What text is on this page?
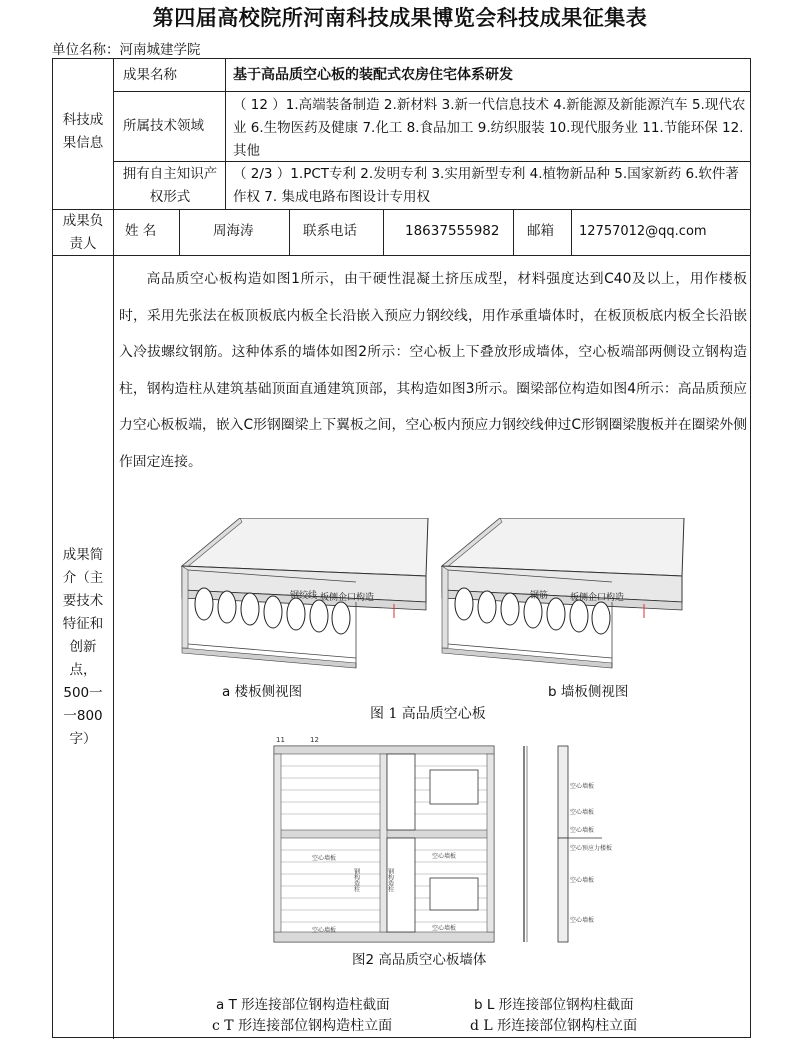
第四届高校院所河南科技成果博览会科技成果征集表
单位名称：河南城建学院
科技成果信息
成果名称	基于高品质空心板的装配式农房住宅体系研发
所属技术领域
（ 12 ）1.高端装备制造 2.新材料 3.新一代信息技术 4.新能源及新能源汽车 5.现代农业 6.生物医药及健康 7.化工 8.食品加工 9.纺织服装 10.现代服务业 11.节能环保 12.其他
拥有自主知识产权形式
（ 2/3 ）1.PCT专利 2.发明专利 3.实用新型专利 4.植物新品种 5.国家新药 6.软件著作权 7. 集成电路布图设计专用权
成果负责人
姓 名	周海涛	联系电话	18637555982 邮箱 12757012@qq.com
成果简介（主要技术特征和创新点，500一一800字）
高品质空心板构造如图1所示，由干硬性混凝土挤压成型，材料强度达到C40及以上，用作楼板时，采用先张法在板顶板底内板全长沿嵌入预应力钢绞线，用作承重墙体时，在板顶板底内板全长沿嵌入冷拔螺纹钢筋。这种体系的墙体如图2所示：空心板上下叠放形成墙体，空心板端部两侧设立钢构造柱，钢构造柱从建筑基础顶面直通建筑顶部，其构造如图3所示。圈梁部位构造如图4所示：高品质预应力空心板板端，嵌入C形钢圈梁上下翼板之间，空心板内预应力钢绞线伸过C形钢圈梁腹板并在圈梁外侧作固定连接。
钢绞线 板侧企口构造	钢筋 板侧企口构造
a 楼板侧视图	b 墙板侧视图
图 1 高品质空心板
11	12
空心墙板	空心墙板
空心墙板	空心墙板
钢构造柱	钢构造柱
空心墙板
空心墙板
空心墙板
空心预应力楼板
空心墙板
空心墙板
图2 高品质空心板墙体
a T 形连接部位钢构造柱截面	b L 形连接部位钢构柱截面
c T 形连接部位钢构造柱立面	d L 形连接部位钢构柱立面
